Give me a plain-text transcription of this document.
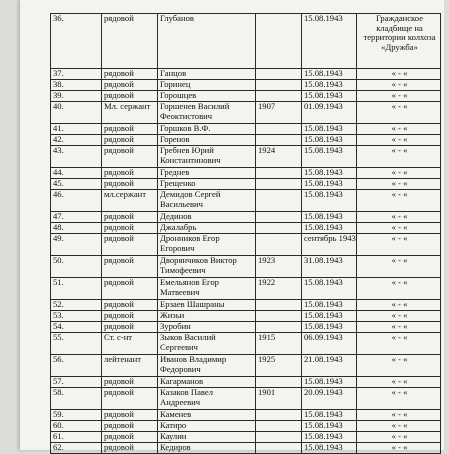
36.	рядовой	Глубанов		15.08.1943	Гражданское кладбище на территории колхоза «Дружба»
37.	рядовой	Ганцов		15.08.1943	« - «
38.	рядовой	Горинец		15.08.1943	« - «
39.	рядовой	Горошцев		15.08.1943	« - «
40.	Мл. сержант	Горшенев Василий Феоктистович	1907	01.09.1943	« - «
41.	рядовой	Горшков В.Ф.		15.08.1943	« - «
42.	рядовой	Горенов		15.08.1943	« - «
43.	рядовой	Гребнев Юрий Константинович	1924	15.08.1943	« - «
44.	рядовой	Греднев		15.08.1943	« - «
45.	рядовой	Грещенко		15.08.1943	« - «
46.	мл.сержант	Демидов Сергей Васильевич		15.08.1943	« - «
47.	рядовой	Дединов		15.08.1943	« - «
48.	рядовой	Джалабрь		15.08.1943	« - «
49.	рядовой	Дронников Егор Егорович		сентябрь 1943	« - «
50.	рядовой	Дворянчиков Виктор Тимофеевич	1923	31.08.1943	« - «
51.	рядовой	Емельянов Егор Матвеевич	1922	15.08.1943	« - «
52.	рядовой	Ерзаев Шашраны		15.08.1943	« - «
53.	рядовой	Жизьи		15.08.1943	« - «
54.	рядовой	Зуробин		15.08.1943	« - «
55.	Ст. с-нт	Зыков Василий Сергеевич	1915	06.09.1943	« - «
56.	лейтенант	Иванов Владимир Федорович	1925	21.08.1943	« - «
57.	рядовой	Кагарманов		15.08.1943	« - «
58.	рядовой	Казаков Павел Андреевич	1901	20.09.1943	« - «
59.	рядовой	Каменев		15.08.1943	« - «
60.	рядовой	Катиро		15.08.1943	« - «
61.	рядовой	Каулин		15.08.1943	« - «
62.	рядовой	Кедиров		15.08.1943	« - «
